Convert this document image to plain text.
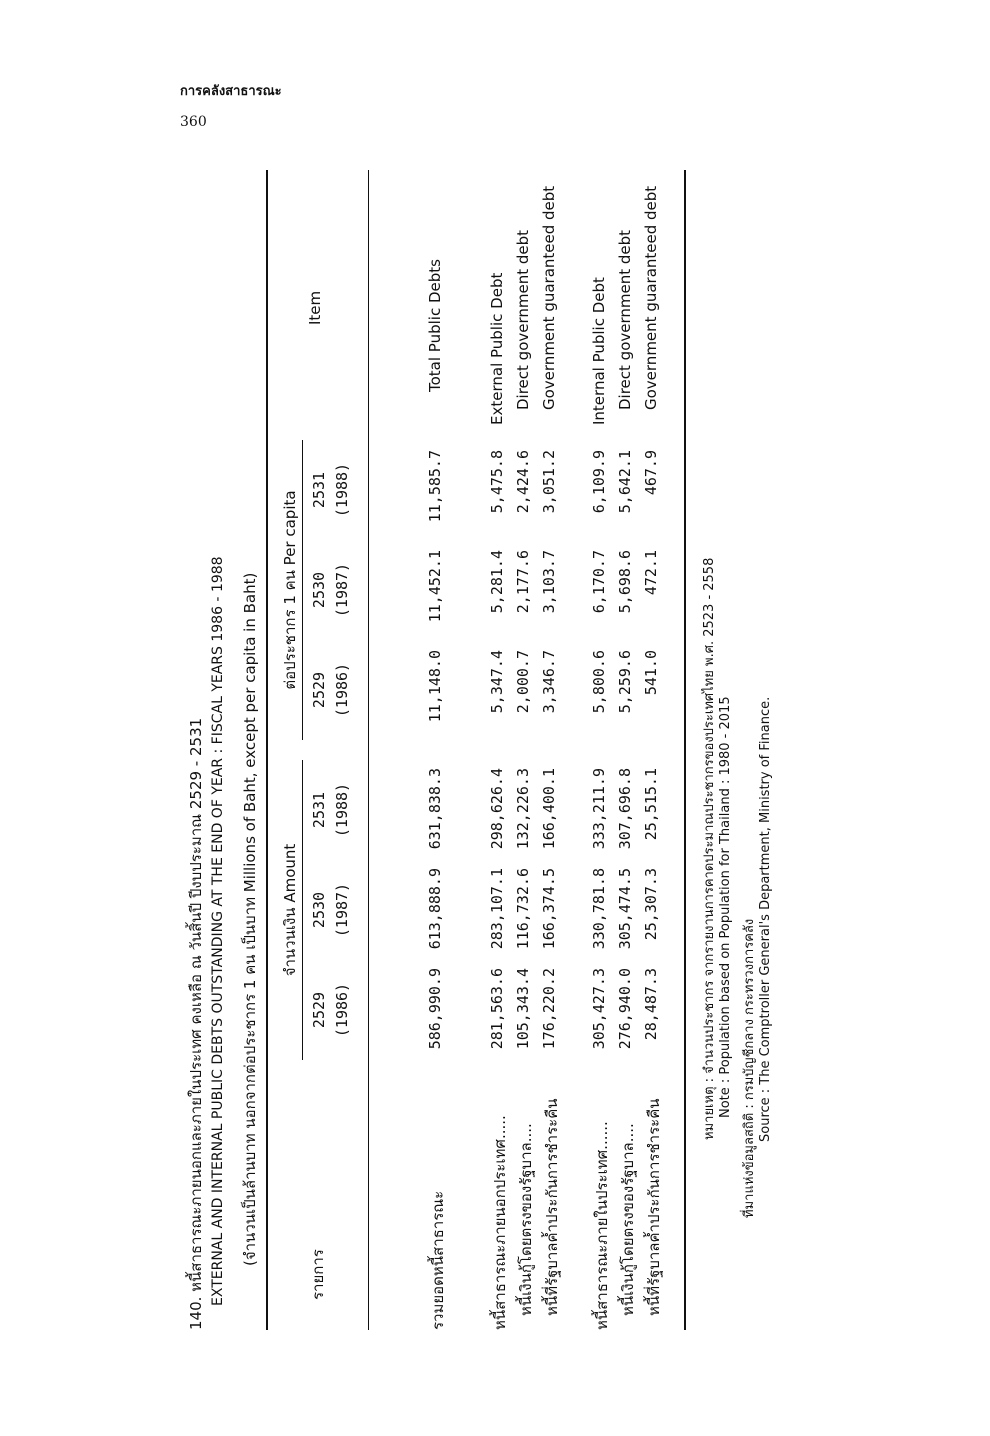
การคลังสาธารณะ
360
140. หนี้สาธารณะภายนอกและภายในประเทศ คงเหลือ ณ วันสิ้นปี ปีงบประมาณ 2529 - 2531 EXTERNAL AND INTERNAL PUBLIC DEBTS OUTSTANDING AT THE END OF YEAR : FISCAL YEARS 1986 - 1988 (จำนวนเป็นล้านบาท นอกจากต่อประชากร 1 คน เป็นบาท Millions of Baht, except per capita in Baht)
รายการ
จำนวนเงิน Amount
ต่อประชากร 1 คน Per capita
2529 (1986)
2530 (1987)
2531 (1988)
2529 (1986)
2530 (1987)
2531 (1988)
Item
รวมยอดหนี้สาธารณะ
586,990.9
613,888.9
631,838.3
11,148.0
11,452.1
11,585.7
Total Public Debts
หนี้สาธารณะภายนอกประเทศ.....
281,563.6
283,107.1
298,626.4
5,347.4
5,281.4
5,475.8
External Public Debt
หนี้เงินกู้โดยตรงของรัฐบาล....
105,343.4
116,732.6
132,226.3
2,000.7
2,177.6
2,424.6
Direct government debt
หนี้ที่รัฐบาลค้ำประกันการชำระคืน
176,220.2
166,374.5
166,400.1
3,346.7
3,103.7
3,051.2
Government guaranteed debt
หนี้สาธารณะภายในประเทศ......
305,427.3
330,781.8
333,211.9
5,800.6
6,170.7
6,109.9
Internal Public Debt
หนี้เงินกู้โดยตรงของรัฐบาล....
276,940.0
305,474.5
307,696.8
5,259.6
5,698.6
5,642.1
Direct government debt
หนี้ที่รัฐบาลค้ำประกันการชำระคืน
28,487.3
25,307.3
25,515.1
541.0
472.1
467.9
Government guaranteed debt
หมายเหตุ : จำนวนประชากร จากรายงานการคาดประมาณประชากรของประเทศไทย พ.ศ. 2523 - 2558 Note : Population based on Population for Thailand : 1980 - 2015 ที่มาแห่งข้อมูลสถิติ : กรมบัญชีกลาง กระทรวงการคลัง Source : The Comptroller General's Department, Ministry of Finance.
